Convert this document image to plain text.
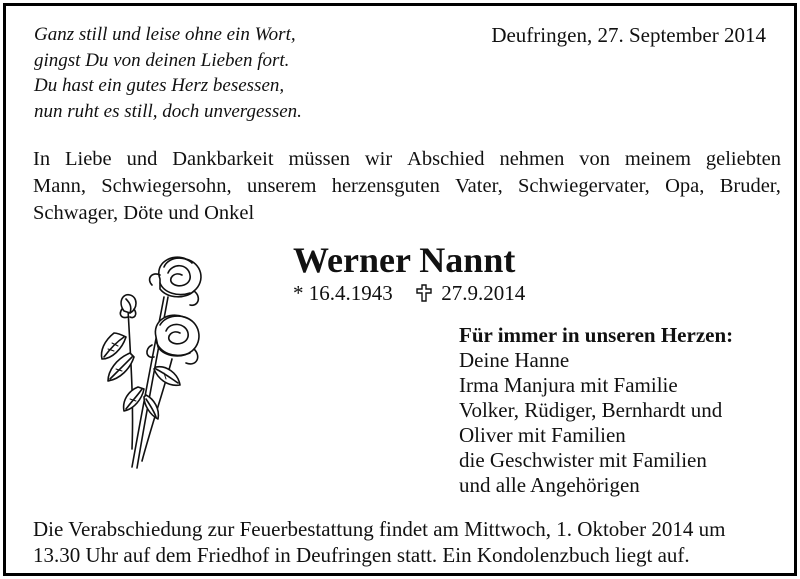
Ganz still und leise ohne ein Wort,
gingst Du von deinen Lieben fort.
Du hast ein gutes Herz besessen,
nun ruht es still, doch unvergessen.
Deufringen, 27. September 2014
In Liebe und Dankbarkeit müssen wir Abschied nehmen von meinem geliebten
Mann, Schwiegersohn, unserem herzensguten Vater, Schwiegervater, Opa, Bruder,
Schwager, Döte und Onkel
Werner Nannt
* 16.4.1943 27.9.2014
Für immer in unseren Herzen:
Deine Hanne
Irma Manjura mit Familie
Volker, Rüdiger, Bernhardt und
Oliver mit Familien
die Geschwister mit Familien
und alle Angehörigen
Die Verabschiedung zur Feuerbestattung findet am Mittwoch, 1. Oktober 2014 um
13.30 Uhr auf dem Friedhof in Deufringen statt. Ein Kondolenzbuch liegt auf.
